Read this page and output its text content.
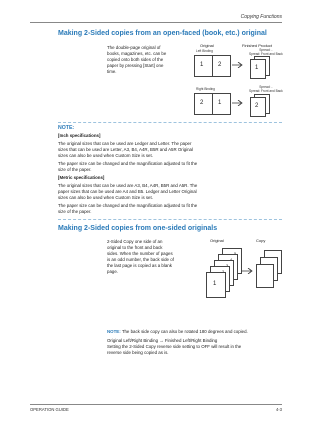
Copying Functions
Making 2-Sided copies from an open-faced (book, etc.) original
The double-page original of
books, magazines, etc. can be
copied onto both sides of the
paper by pressing [Start] one
time.
Original	Finished Product
Left Binding	Spread: -
Spread: Front and Back
1 2	1
Right Binding	Spread: -
Spread: Front and Back
2 1	2
NOTE:
[Inch specifications]
The original sizes that can be used are Ledger and Letter. The paper
sizes that can be used are Letter, A3, B4, A4R, B5R and A5R Original
sizes can also be used when Custom Size is set.
The paper size can be changed and the magnification adjusted to fit the
size of the paper.
[Metric specifications]
The original sizes that can be used are A3, B4, A4R, B5R and A5R. The
paper sizes that can be used are A4 and B5. Ledger and Letter Original
sizes can also be used when Custom Size is set.
The paper size can be changed and the magnification adjusted to fit the
size of the paper.
Making 2-Sided copies from one-sided originals
2-Sided Copy one side of an
original to the front and back
sides. When the number of pages
is an odd number, the back side of
the last page is copied as a blank
page.
Original	Copy
1
NOTE: The back side copy can also be rotated 180 degrees and copied.
Original Left/Right Binding → Finished Left/Right Binding
Setting the 2-Sided Copy reverse side setting to OFF will result in the
reverse side being copied as is.
OPERATION GUIDE	4-3
